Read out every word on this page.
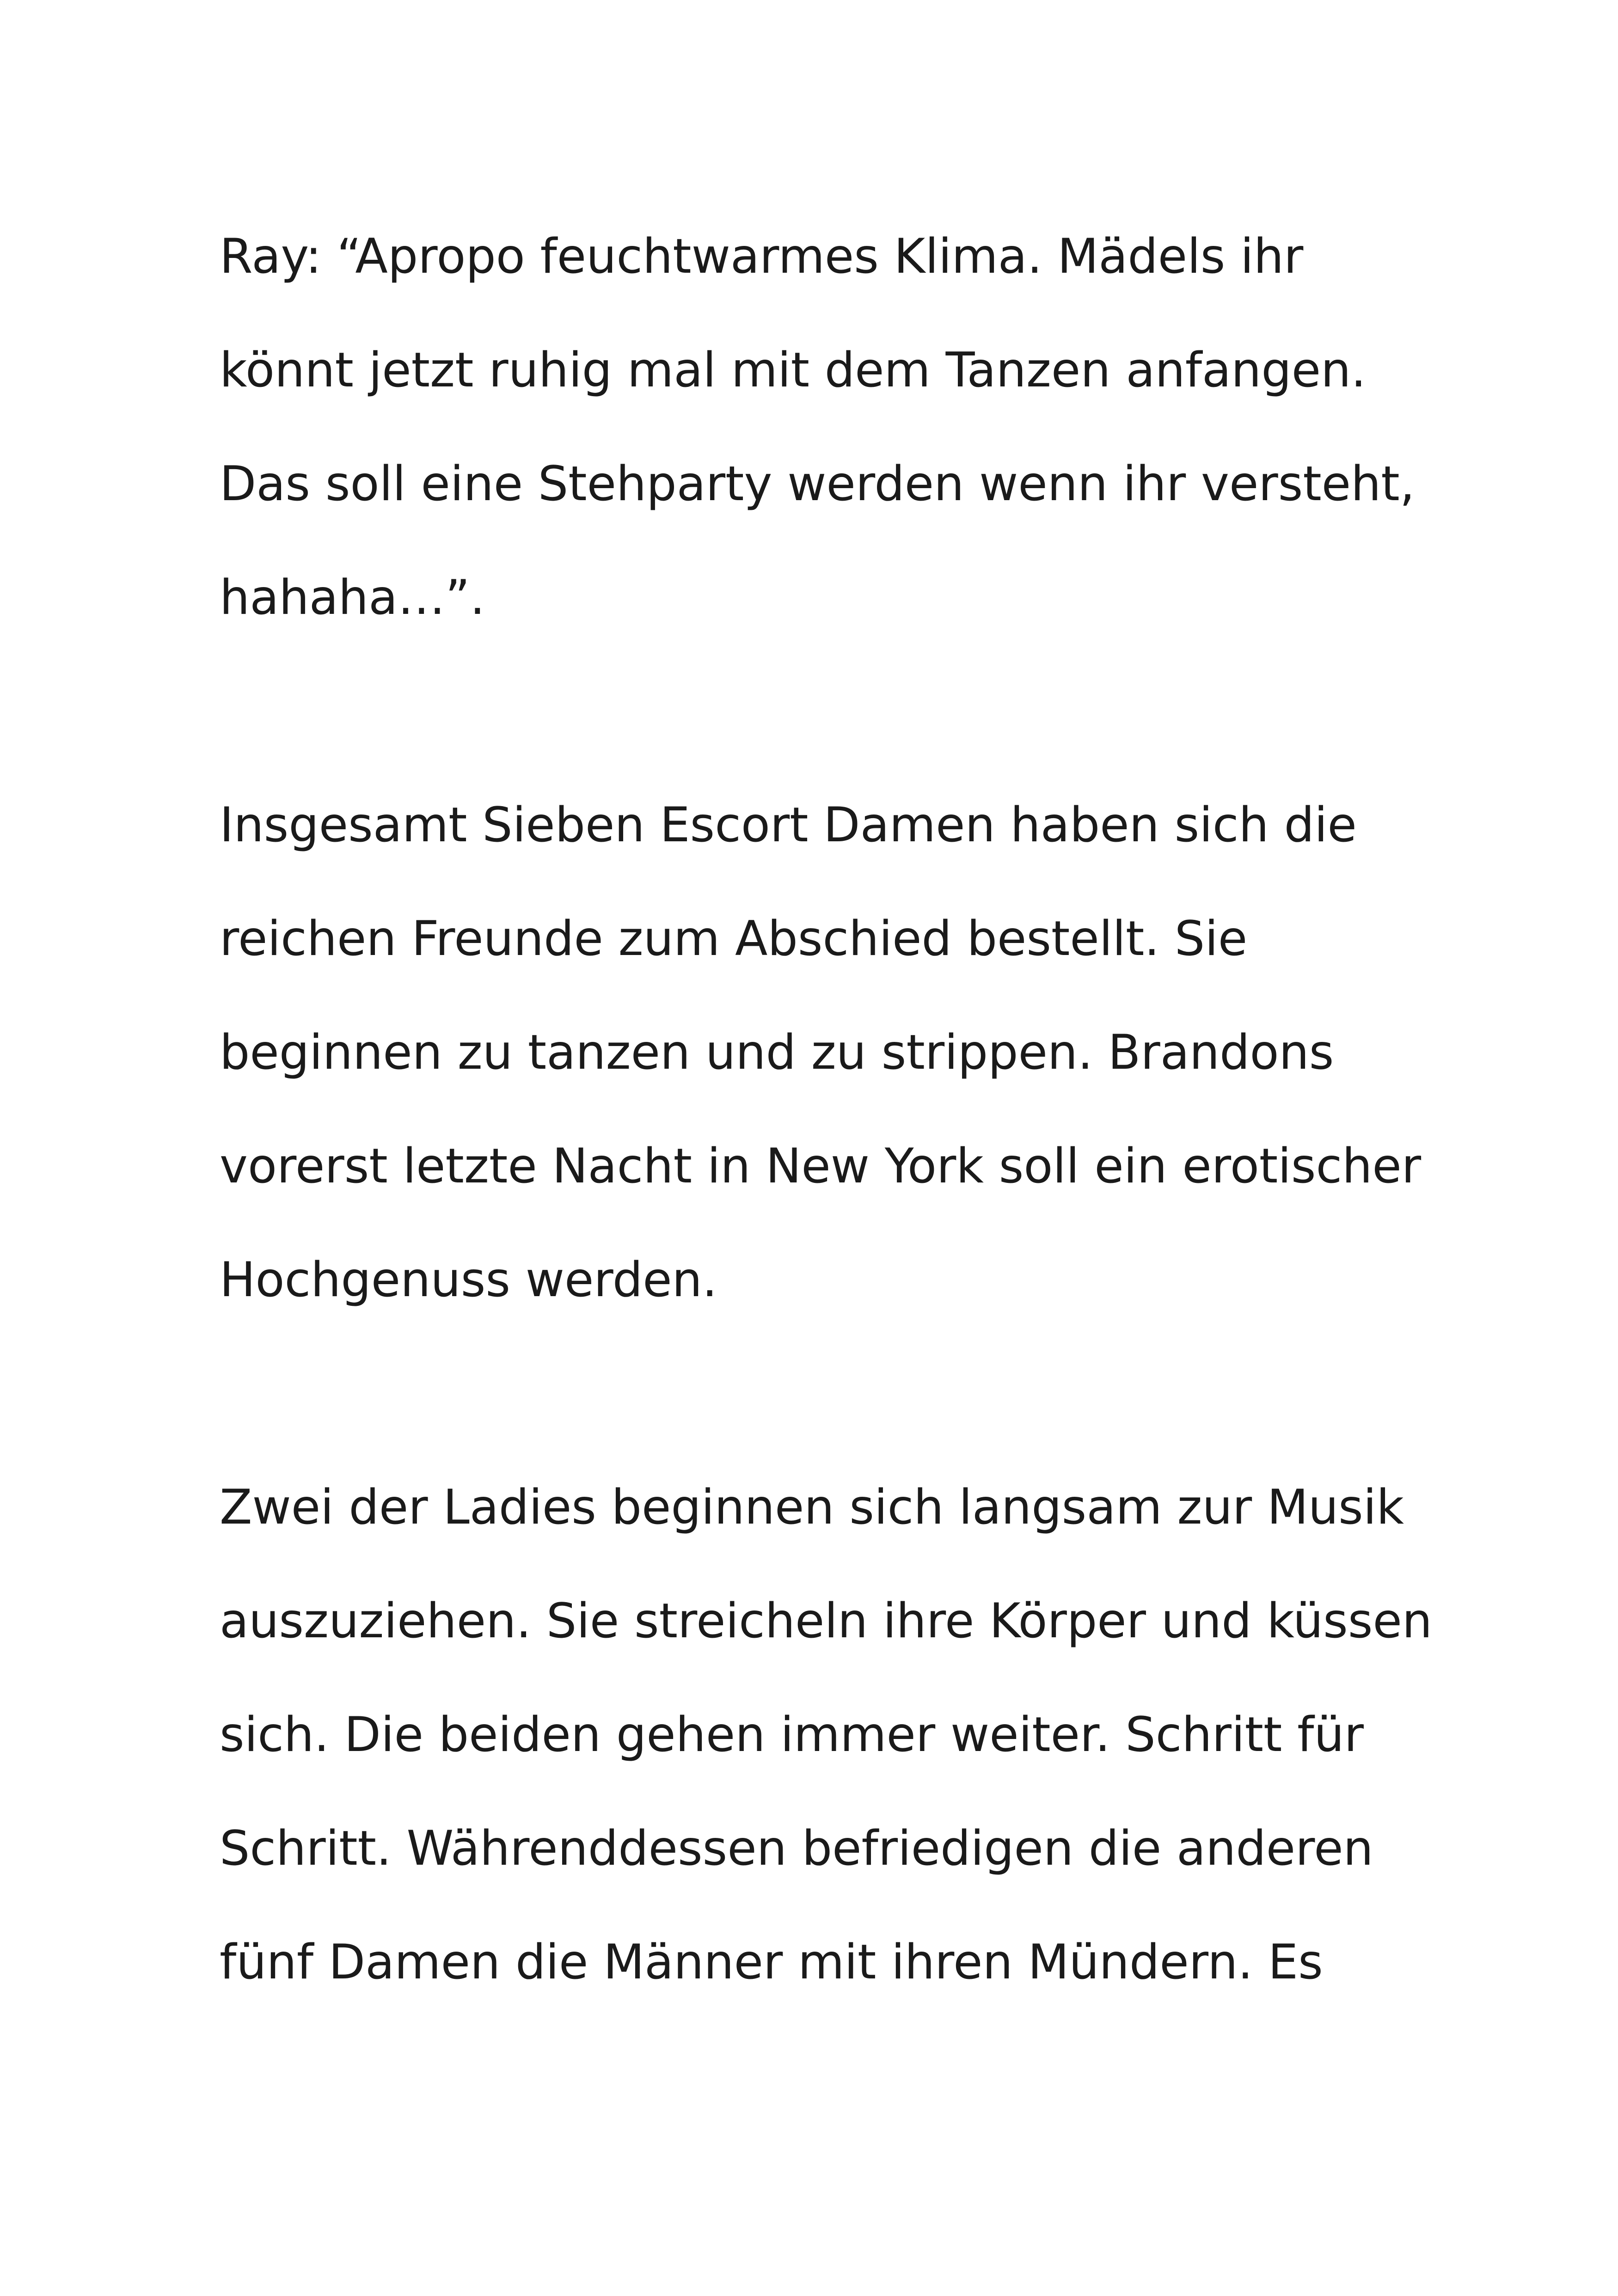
Ray: “Apropo feuchtwarmes Klima. Mädels ihr
könnt jetzt ruhig mal mit dem Tanzen anfangen.
Das soll eine Stehparty werden wenn ihr versteht,
hahaha…”.
Insgesamt Sieben Escort Damen haben sich die
reichen Freunde zum Abschied bestellt. Sie
beginnen zu tanzen und zu strippen. Brandons
vorerst letzte Nacht in New York soll ein erotischer
Hochgenuss werden.
Zwei der Ladies beginnen sich langsam zur Musik
auszuziehen. Sie streicheln ihre Körper und küssen
sich. Die beiden gehen immer weiter. Schritt für
Schritt. Währenddessen befriedigen die anderen
fünf Damen die Männer mit ihren Mündern. Es
